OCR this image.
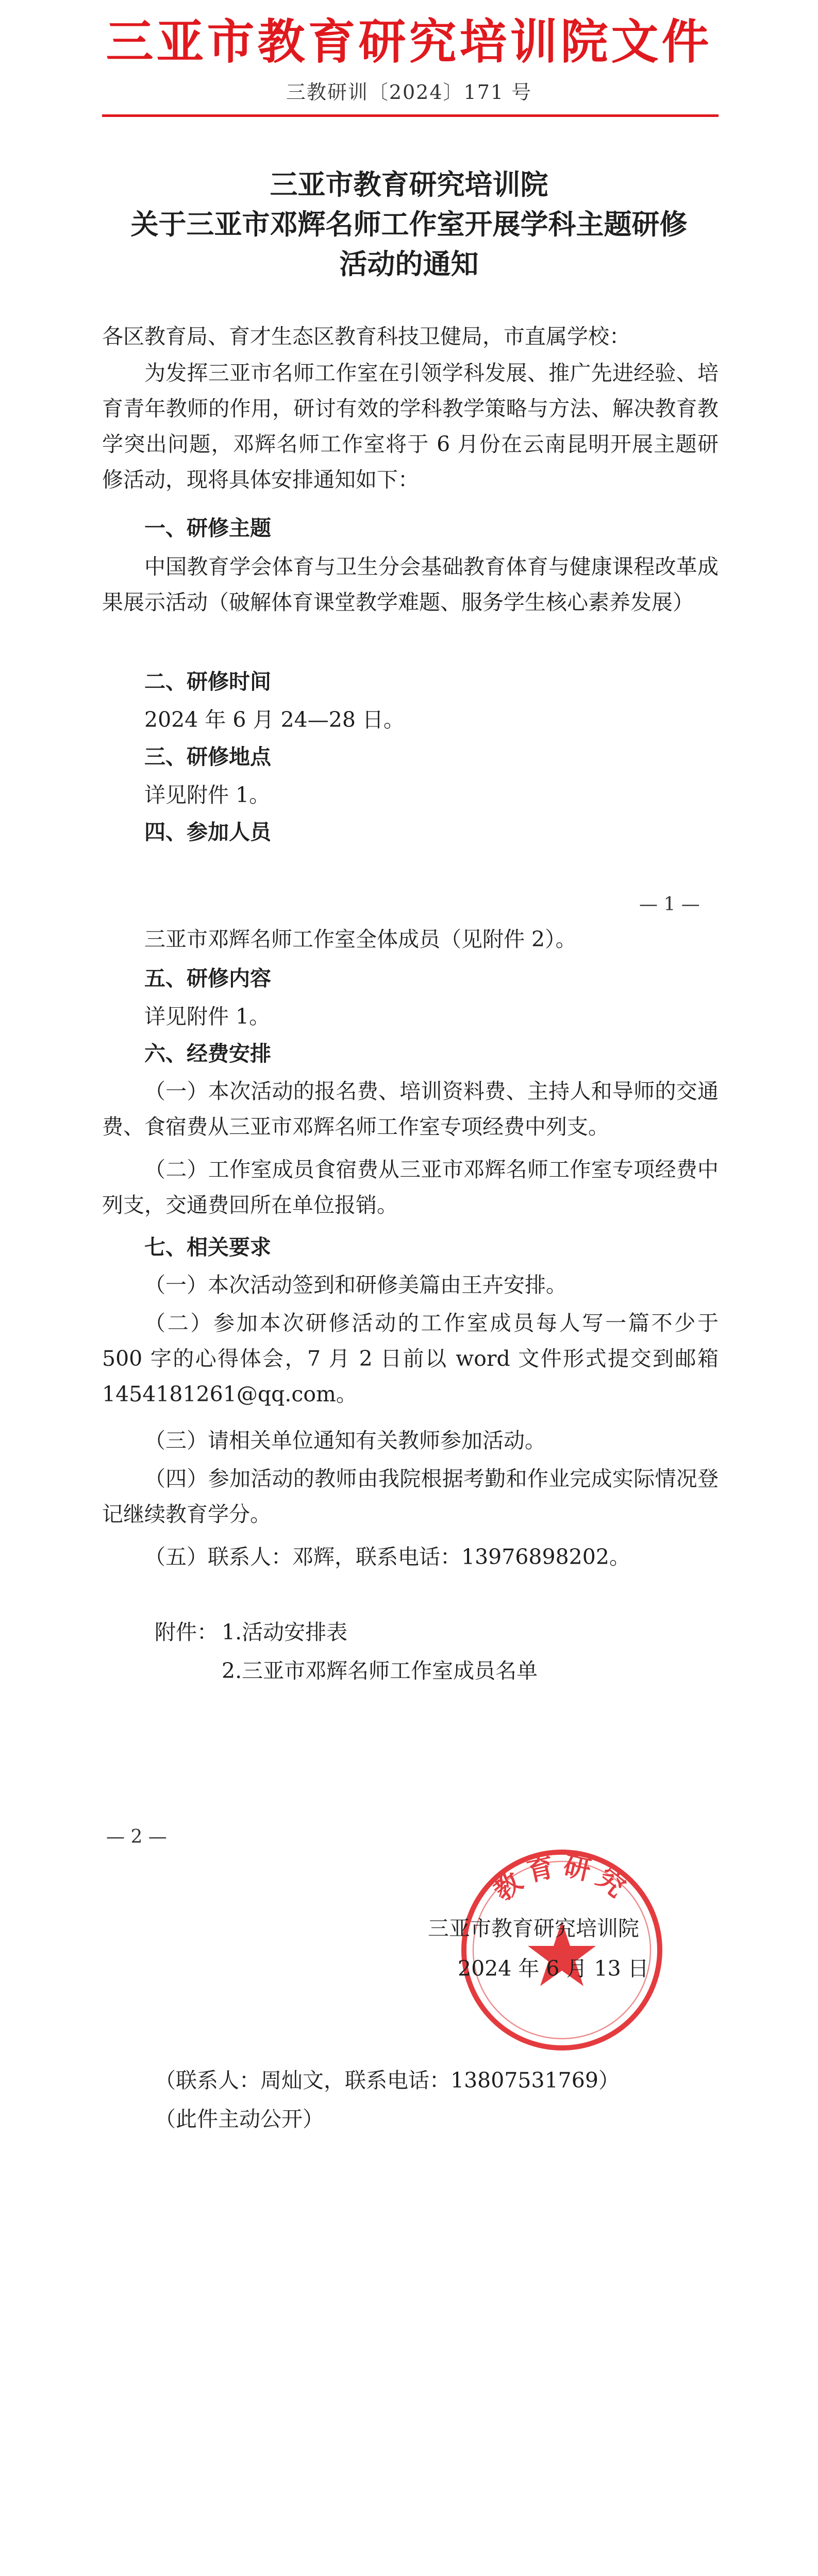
三亚市教育研究培训院文件
三教研训〔2024〕171 号
三亚市教育研究培训院
关于三亚市邓辉名师工作室开展学科主题研修
活动的通知
各区教育局、育才生态区教育科技卫健局，市直属学校：
为发挥三亚市名师工作室在引领学科发展、推广先进经验、培育青年教师的作用，研讨有效的学科教学策略与方法、解决教育教学突出问题，邓辉名师工作室将于 6 月份在云南昆明开展主题研修活动，现将具体安排通知如下：
一、研修主题
中国教育学会体育与卫生分会基础教育体育与健康课程改革成果展示活动（破解体育课堂教学难题、服务学生核心素养发展）
二、研修时间
2024 年 6 月 24—28 日。
三、研修地点
详见附件 1。
四、参加人员
— 1 —
三亚市邓辉名师工作室全体成员（见附件 2）。
五、研修内容
详见附件 1。
六、经费安排
（一）本次活动的报名费、培训资料费、主持人和导师的交通费、食宿费从三亚市邓辉名师工作室专项经费中列支。
（二）工作室成员食宿费从三亚市邓辉名师工作室专项经费中列支，交通费回所在单位报销。
七、相关要求
（一）本次活动签到和研修美篇由王卉安排。
（二）参加本次研修活动的工作室成员每人写一篇不少于 500 字的心得体会，7 月 2 日前以 word 文件形式提交到邮箱 1454181261@qq.com。
（三）请相关单位通知有关教师参加活动。
（四）参加活动的教师由我院根据考勤和作业完成实际情况登记继续教育学分。
（五）联系人：邓辉，联系电话：13976898202。
附件： 1.活动安排表
2.三亚市邓辉名师工作室成员名单
— 2 —
教育研究
三亚市教育研究培训院
2024 年 6 月 13 日
（联系人：周灿文，联系电话：13807531769）
（此件主动公开）
